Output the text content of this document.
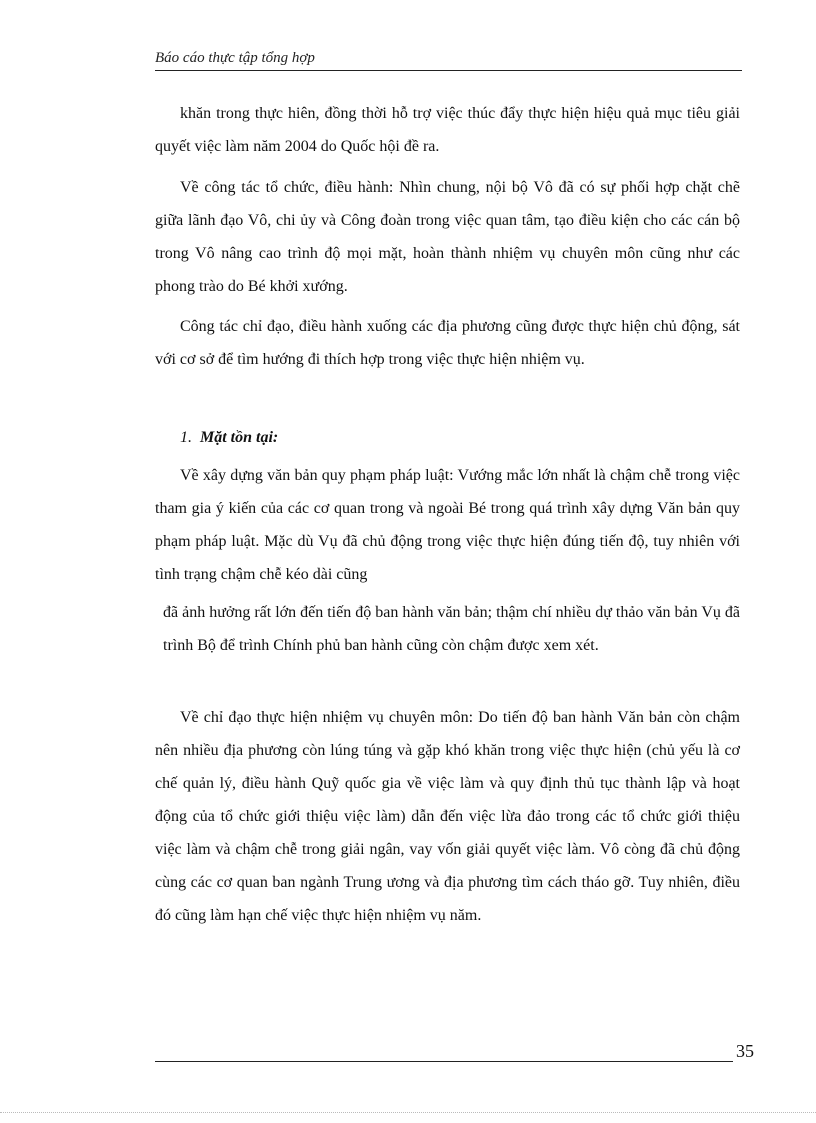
Báo cáo thực tập tổng hợp

khăn trong thực hiên, đồng thời hỗ trợ việc thúc đẩy thực hiện hiệu quả mục tiêu giải quyết việc làm năm 2004 do Quốc hội đề ra.

Về công tác tổ chức, điều hành: Nhìn chung, nội bộ Vô đã có sự phối hợp chặt chẽ giữa lãnh đạo Vô, chi ủy và Công đoàn trong việc quan tâm, tạo điều kiện cho các cán bộ trong Vô nâng cao trình độ mọi mặt, hoàn thành nhiệm vụ chuyên môn cũng như các phong trào do Bé khởi xướng.

Công tác chỉ đạo, điều hành xuống các địa phương cũng được thực hiện chủ động, sát với cơ sở để tìm hướng đi thích hợp trong việc thực hiện nhiệm vụ.

1. Mặt tồn tại:

Về xây dựng văn bản quy phạm pháp luật: Vướng mắc lớn nhất là chậm chễ trong việc tham gia ý kiến của các cơ quan trong và ngoài Bé trong quá trình xây dựng Văn bản quy phạm pháp luật. Mặc dù Vụ đã chủ động trong việc thực hiện đúng tiến độ, tuy nhiên với tình trạng chậm chễ kéo dài cũng

đã ảnh hưởng rất lớn đến tiến độ ban hành văn bản; thậm chí nhiều dự thảo văn bản Vụ đã trình Bộ để trình Chính phủ ban hành cũng còn chậm được xem xét.

Về chỉ đạo thực hiện nhiệm vụ chuyên môn: Do tiến độ ban hành Văn bản còn chậm nên nhiều địa phương còn lúng túng và gặp khó khăn trong việc thực hiện (chủ yếu là cơ chế quản lý, điều hành Quỹ quốc gia về việc làm và quy định thủ tục thành lập và hoạt động của tổ chức giới thiệu việc làm) dẫn đến việc lừa đảo trong các tổ chức giới thiệu việc làm và chậm chễ trong giải ngân, vay vốn giải quyết việc làm. Vô còng đã chủ động cùng các cơ quan ban ngành Trung ương và địa phương tìm cách tháo gỡ. Tuy nhiên, điều đó cũng làm hạn chế việc thực hiện nhiệm vụ năm.

35
